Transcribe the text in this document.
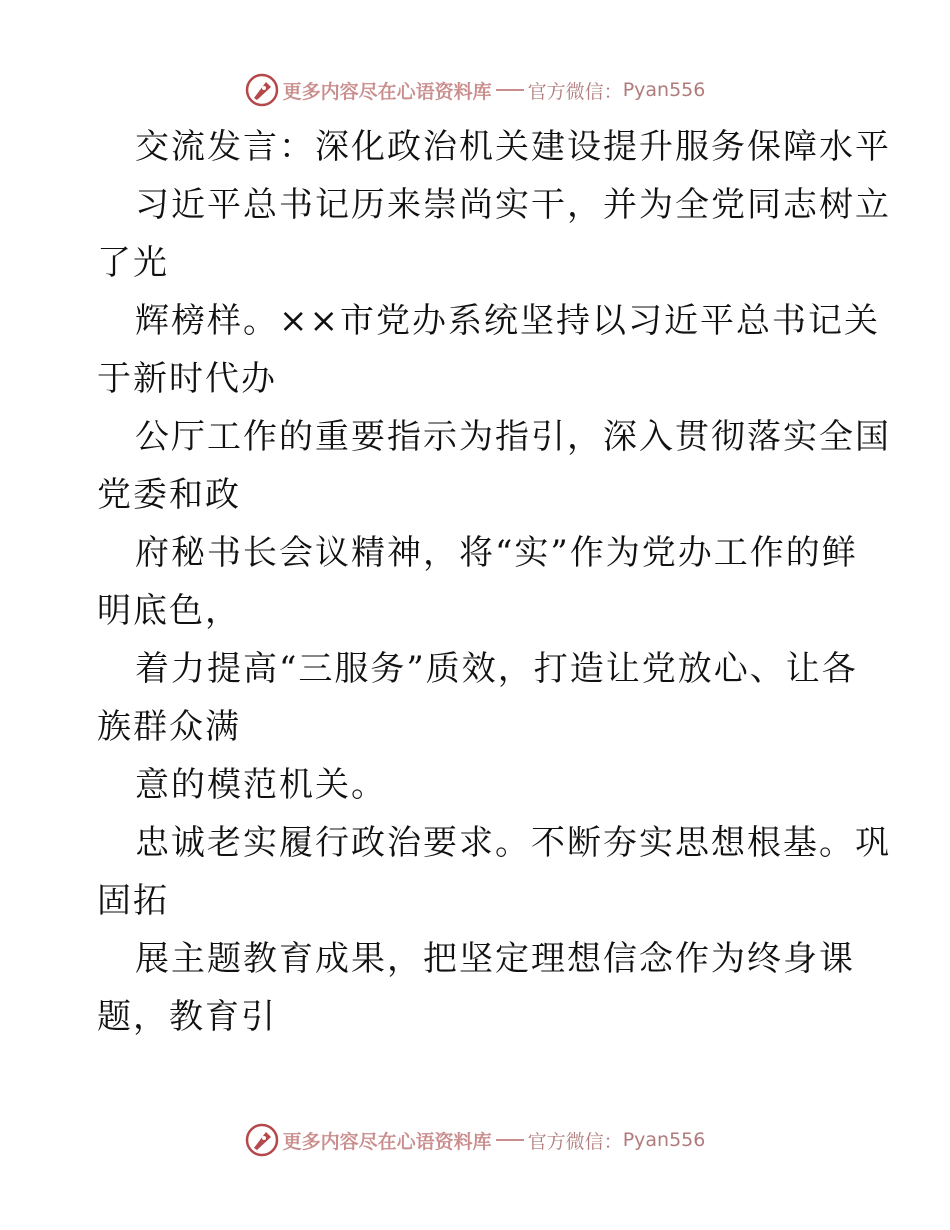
更多内容尽在心语资料库 官方微信： Pyan556
交流发言：深化政治机关建设提升服务保障水平
习近平总书记历来崇尚实干，并为全党同志树立
了光
辉榜样。××市党办系统坚持以习近平总书记关
于新时代办
公厅工作的重要指示为指引，深入贯彻落实全国
党委和政
府秘书长会议精神，将“实”作为党办工作的鲜
明底色，
着力提高“三服务”质效，打造让党放心、让各
族群众满
意的模范机关。
忠诚老实履行政治要求。不断夯实思想根基。巩
固拓
展主题教育成果，把坚定理想信念作为终身课
题，教育引
更多内容尽在心语资料库 官方微信： Pyan556
